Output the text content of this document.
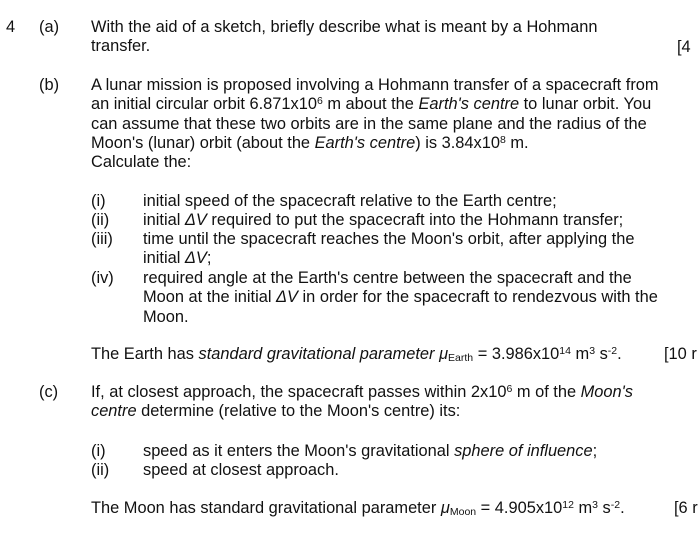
4 (a) With the aid of a sketch, briefly describe what is meant by a Hohmann transfer.	[4
(b) A lunar mission is proposed involving a Hohmann transfer of a spacecraft from an initial circular orbit $6.871x10^6$ m about the Earth's centre to lunar orbit. You can assume that these two orbits are in the same plane and the radius of the Moon's (lunar) orbit (about the Earth's centre) is $3.84x10^8$ m.
Calculate the:
(i) initial speed of the spacecraft relative to the Earth centre;
(ii) initial ΔV required to put the spacecraft into the Hohmann transfer;
(iii) time until the spacecraft reaches the Moon's orbit, after applying the initial ΔV;
(iv) required angle at the Earth's centre between the spacecraft and the Moon at the initial ΔV in order for the spacecraft to rendezvous with the Moon.
The Earth has standard gravitational parameter $\mu_{Earth} = 3.986x10^{14}$ $m^3$ $s^{-2}$.	[10 r
(c) If, at closest approach, the spacecraft passes within $2x10^6$ m of the Moon's centre determine (relative to the Moon's centre) its:
(i) speed as it enters the Moon's gravitational sphere of influence;
(ii) speed at closest approach.
The Moon has standard gravitational parameter $\mu_{Moon} = 4.905x10^{12}$ $m^3$ $s^{-2}$.	[6 r
